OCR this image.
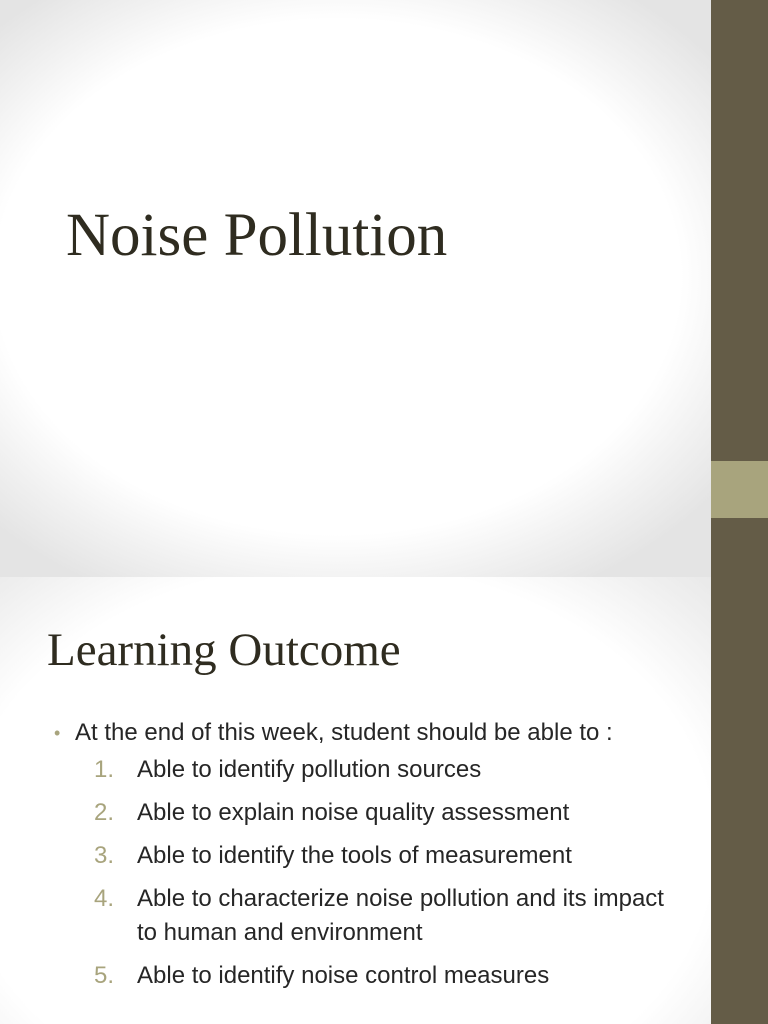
Noise Pollution
Learning Outcome
• At the end of this week, student should be able to :
1. Able to identify pollution sources
2. Able to explain noise quality assessment
3. Able to identify the tools of measurement
4. Able to characterize noise pollution and its impact to human and environment
5. Able to identify noise control measures
